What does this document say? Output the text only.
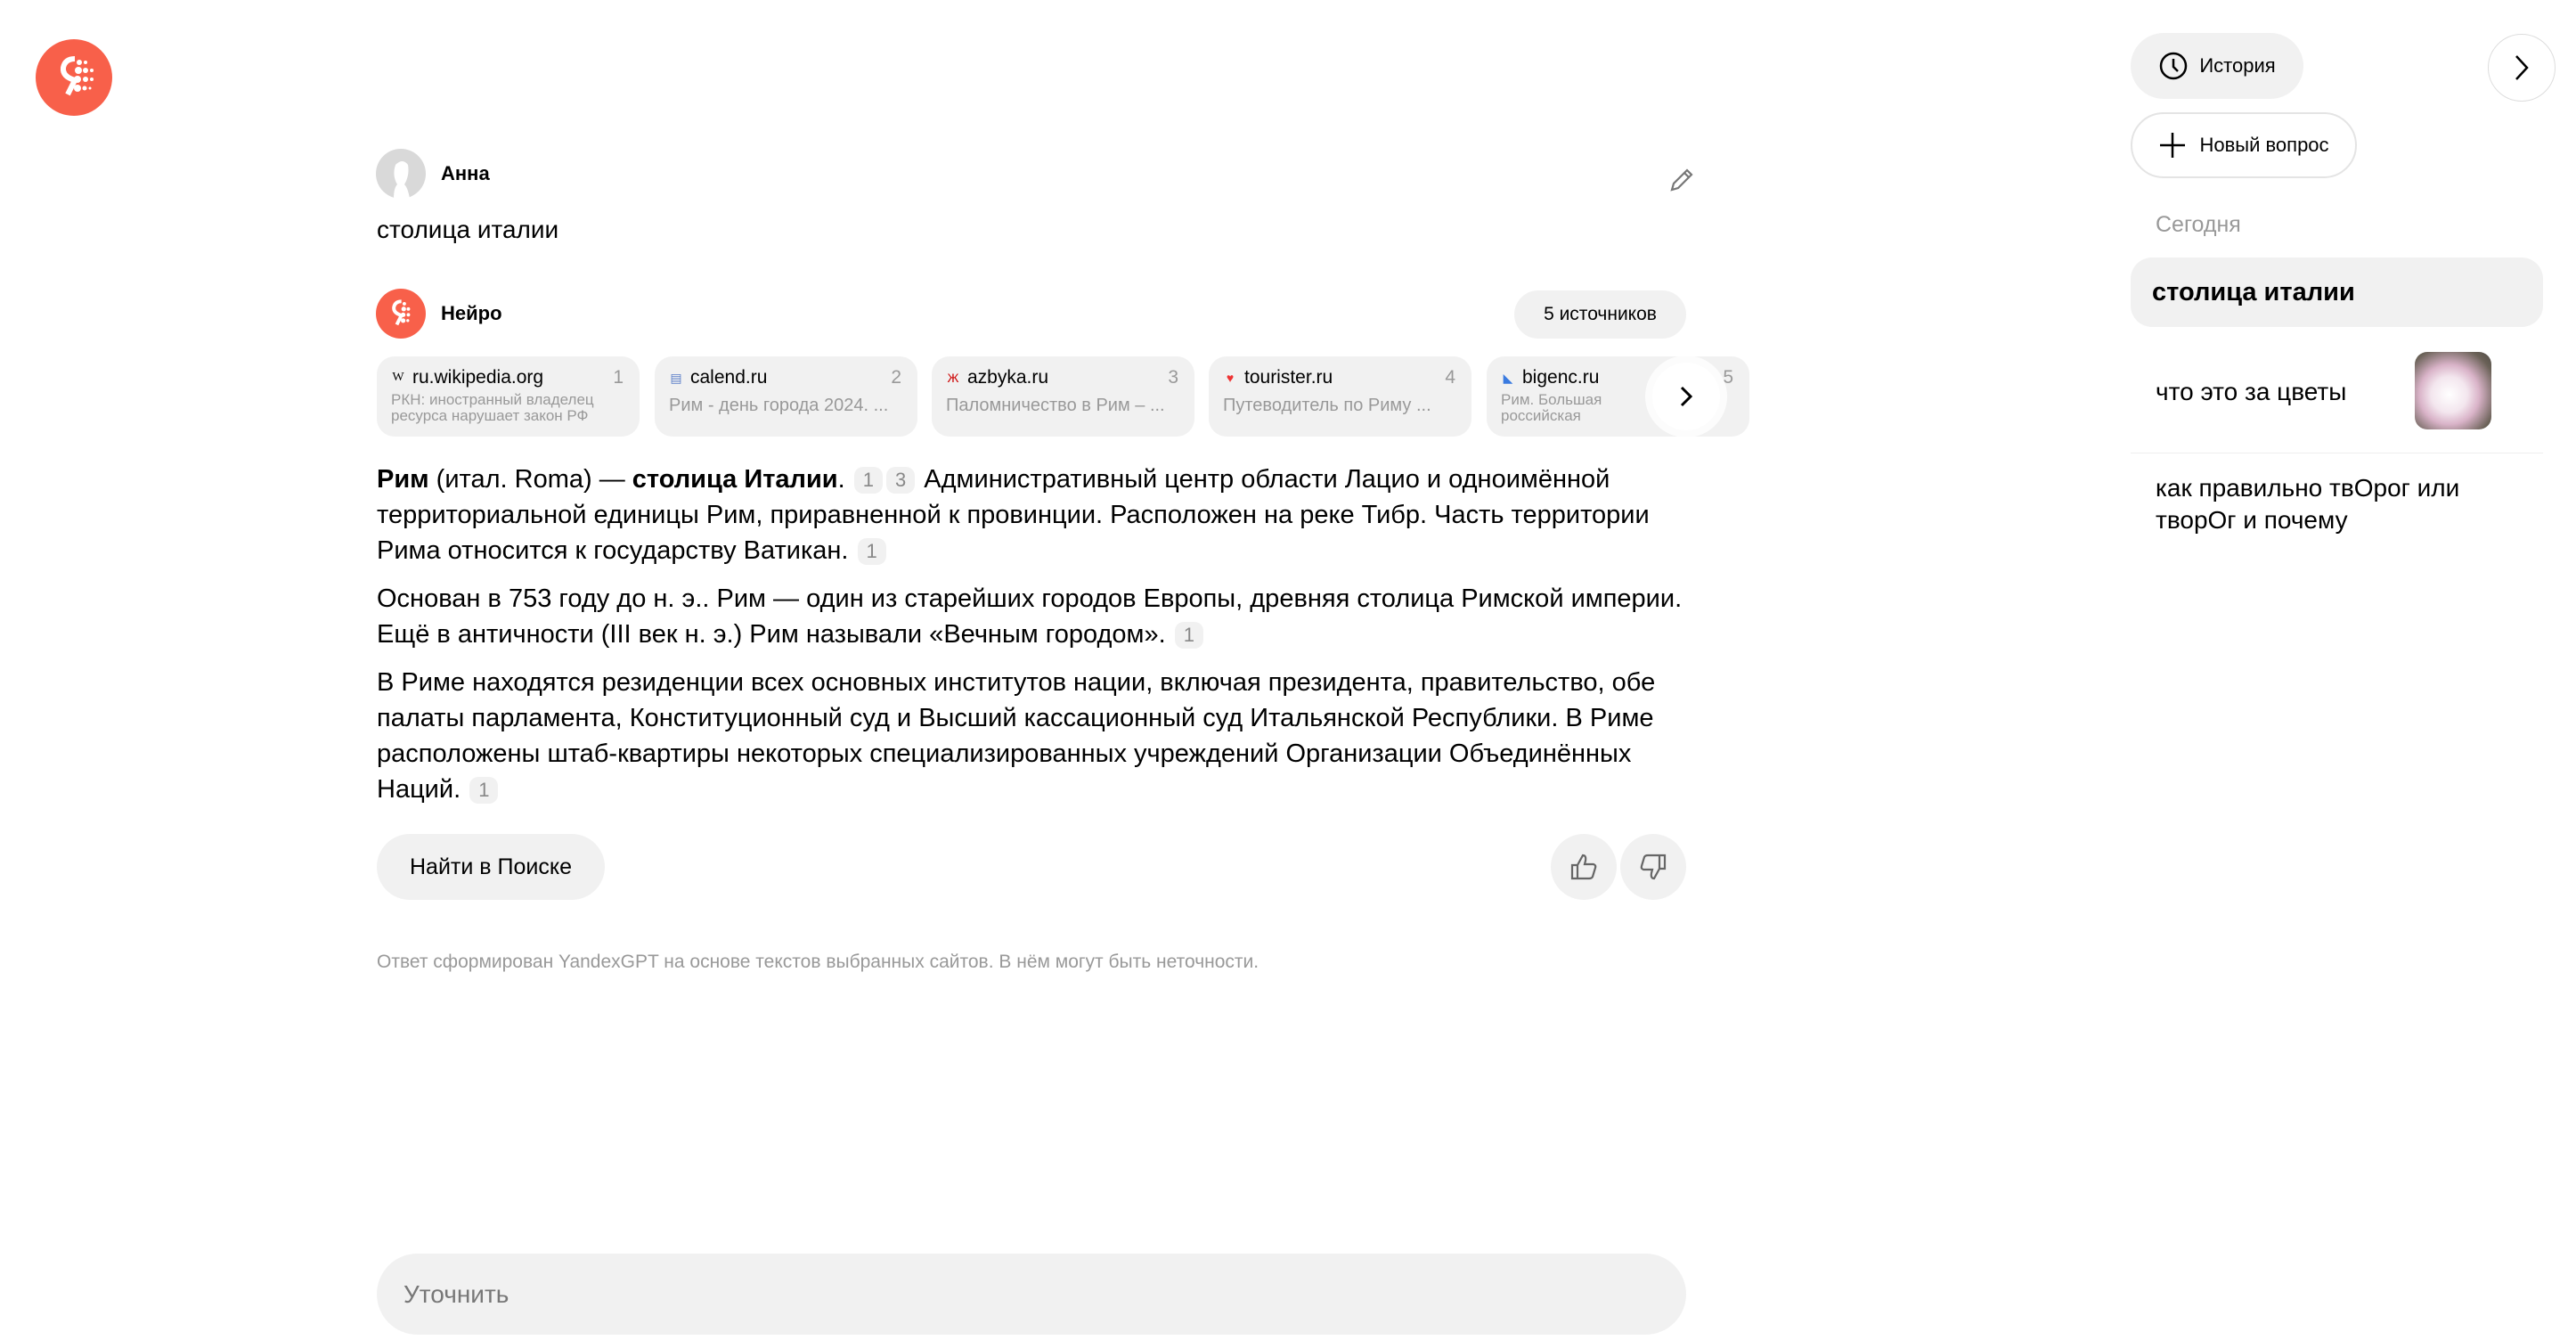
Анна
столица италии
Нейро	5 источников
W ru.wikipedia.org	1
РКН: иностранный владелец ресурса нарушает закон РФ
▤ calend.ru	2
Рим - день города 2024. ...
Ж azbyka.ru	3
Паломничество в Рим – ...
♥ tourister.ru	4
Путеводитель по Риму ...
◣ bigenc.ru	5
Рим. Большая российская

Рим (итал. Roma) — столица Италии. 1 3 Административный центр области Лацио и одноимённой территориальной единицы Рим, приравненной к провинции. Расположен на реке Тибр. Часть территории Рима относится к государству Ватикан. 1

Основан в 753 году до н. э.. Рим — один из старейших городов Европы, древняя столица Римской империи. Ещё в античности (III век н. э.) Рим называли «Вечным городом». 1

В Риме находятся резиденции всех основных институтов нации, включая президента, правительство, обе палаты парламента, Конституционный суд и Высший кассационный суд Итальянской Республики. В Риме расположены штаб-квартиры некоторых специализированных учреждений Организации Объединённых Наций. 1

Найти в Поиске
Ответ сформирован YandexGPT на основе текстов выбранных сайтов. В нём могут быть неточности.
Уточнить
История
Новый вопрос
Сегодня
столица италии
что это за цветы
как правильно твОрог или творОг и почему
